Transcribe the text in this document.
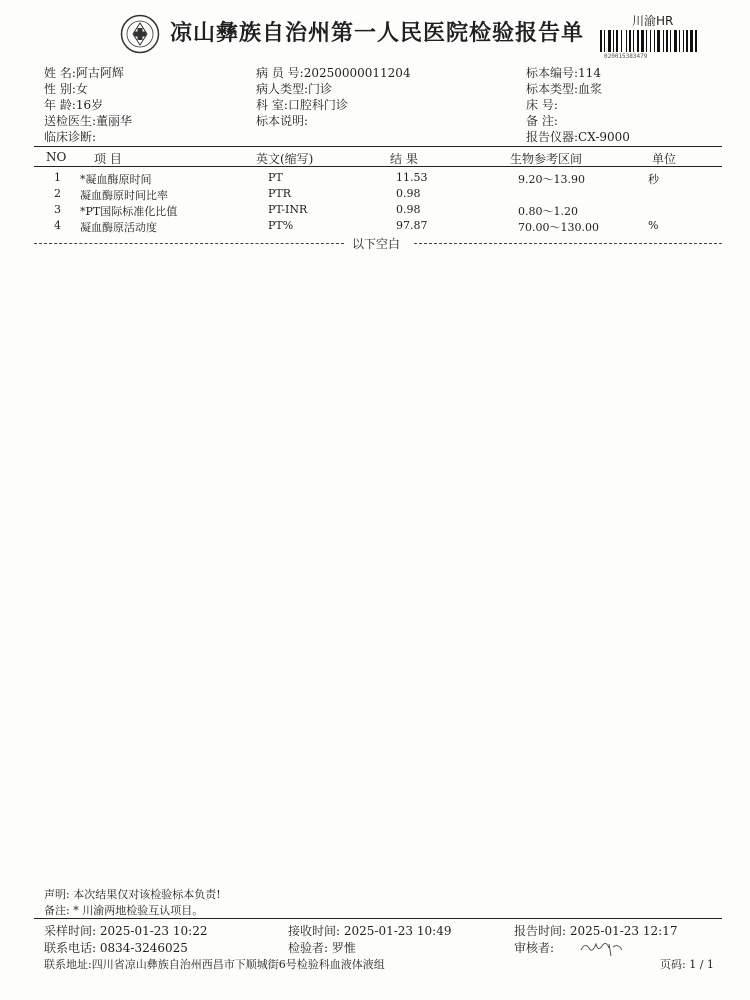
凉山彝族自治州第一人民医院检验报告单	川渝HR
020015383479
姓 名:阿古阿辉
性 别:女
年 龄:16岁
送检医生:董丽华
临床诊断:
病 员 号:20250000011204
病人类型:门诊
科 室:口腔科门诊
标本说明:
标本编号:114
标本类型:血浆
床 号:
备 注:
报告仪器:CX-9000
NO 项 目	英文(缩写)	结 果	生物参考区间	单位
1 *凝血酶原时间	PT	11.53	9.20～13.90	秒
2 凝血酶原时间比率	PTR	0.98
3 *PT国际标准化比值	PT-INR	0.98	0.80～1.20
4 凝血酶原活动度	PT%	97.87	70.00～130.00	%
以下空白
声明: 本次结果仅对该检验标本负责!
备注: * 川渝两地检验互认项目。
采样时间: 2025-01-23 10:22	接收时间: 2025-01-23 10:49	报告时间: 2025-01-23 12:17
联系电话: 0834-3246025	检验者: 罗惟	审核者:
联系地址:四川省凉山彝族自治州西昌市下顺城街6号检验科血液体液组	页码: 1 / 1
